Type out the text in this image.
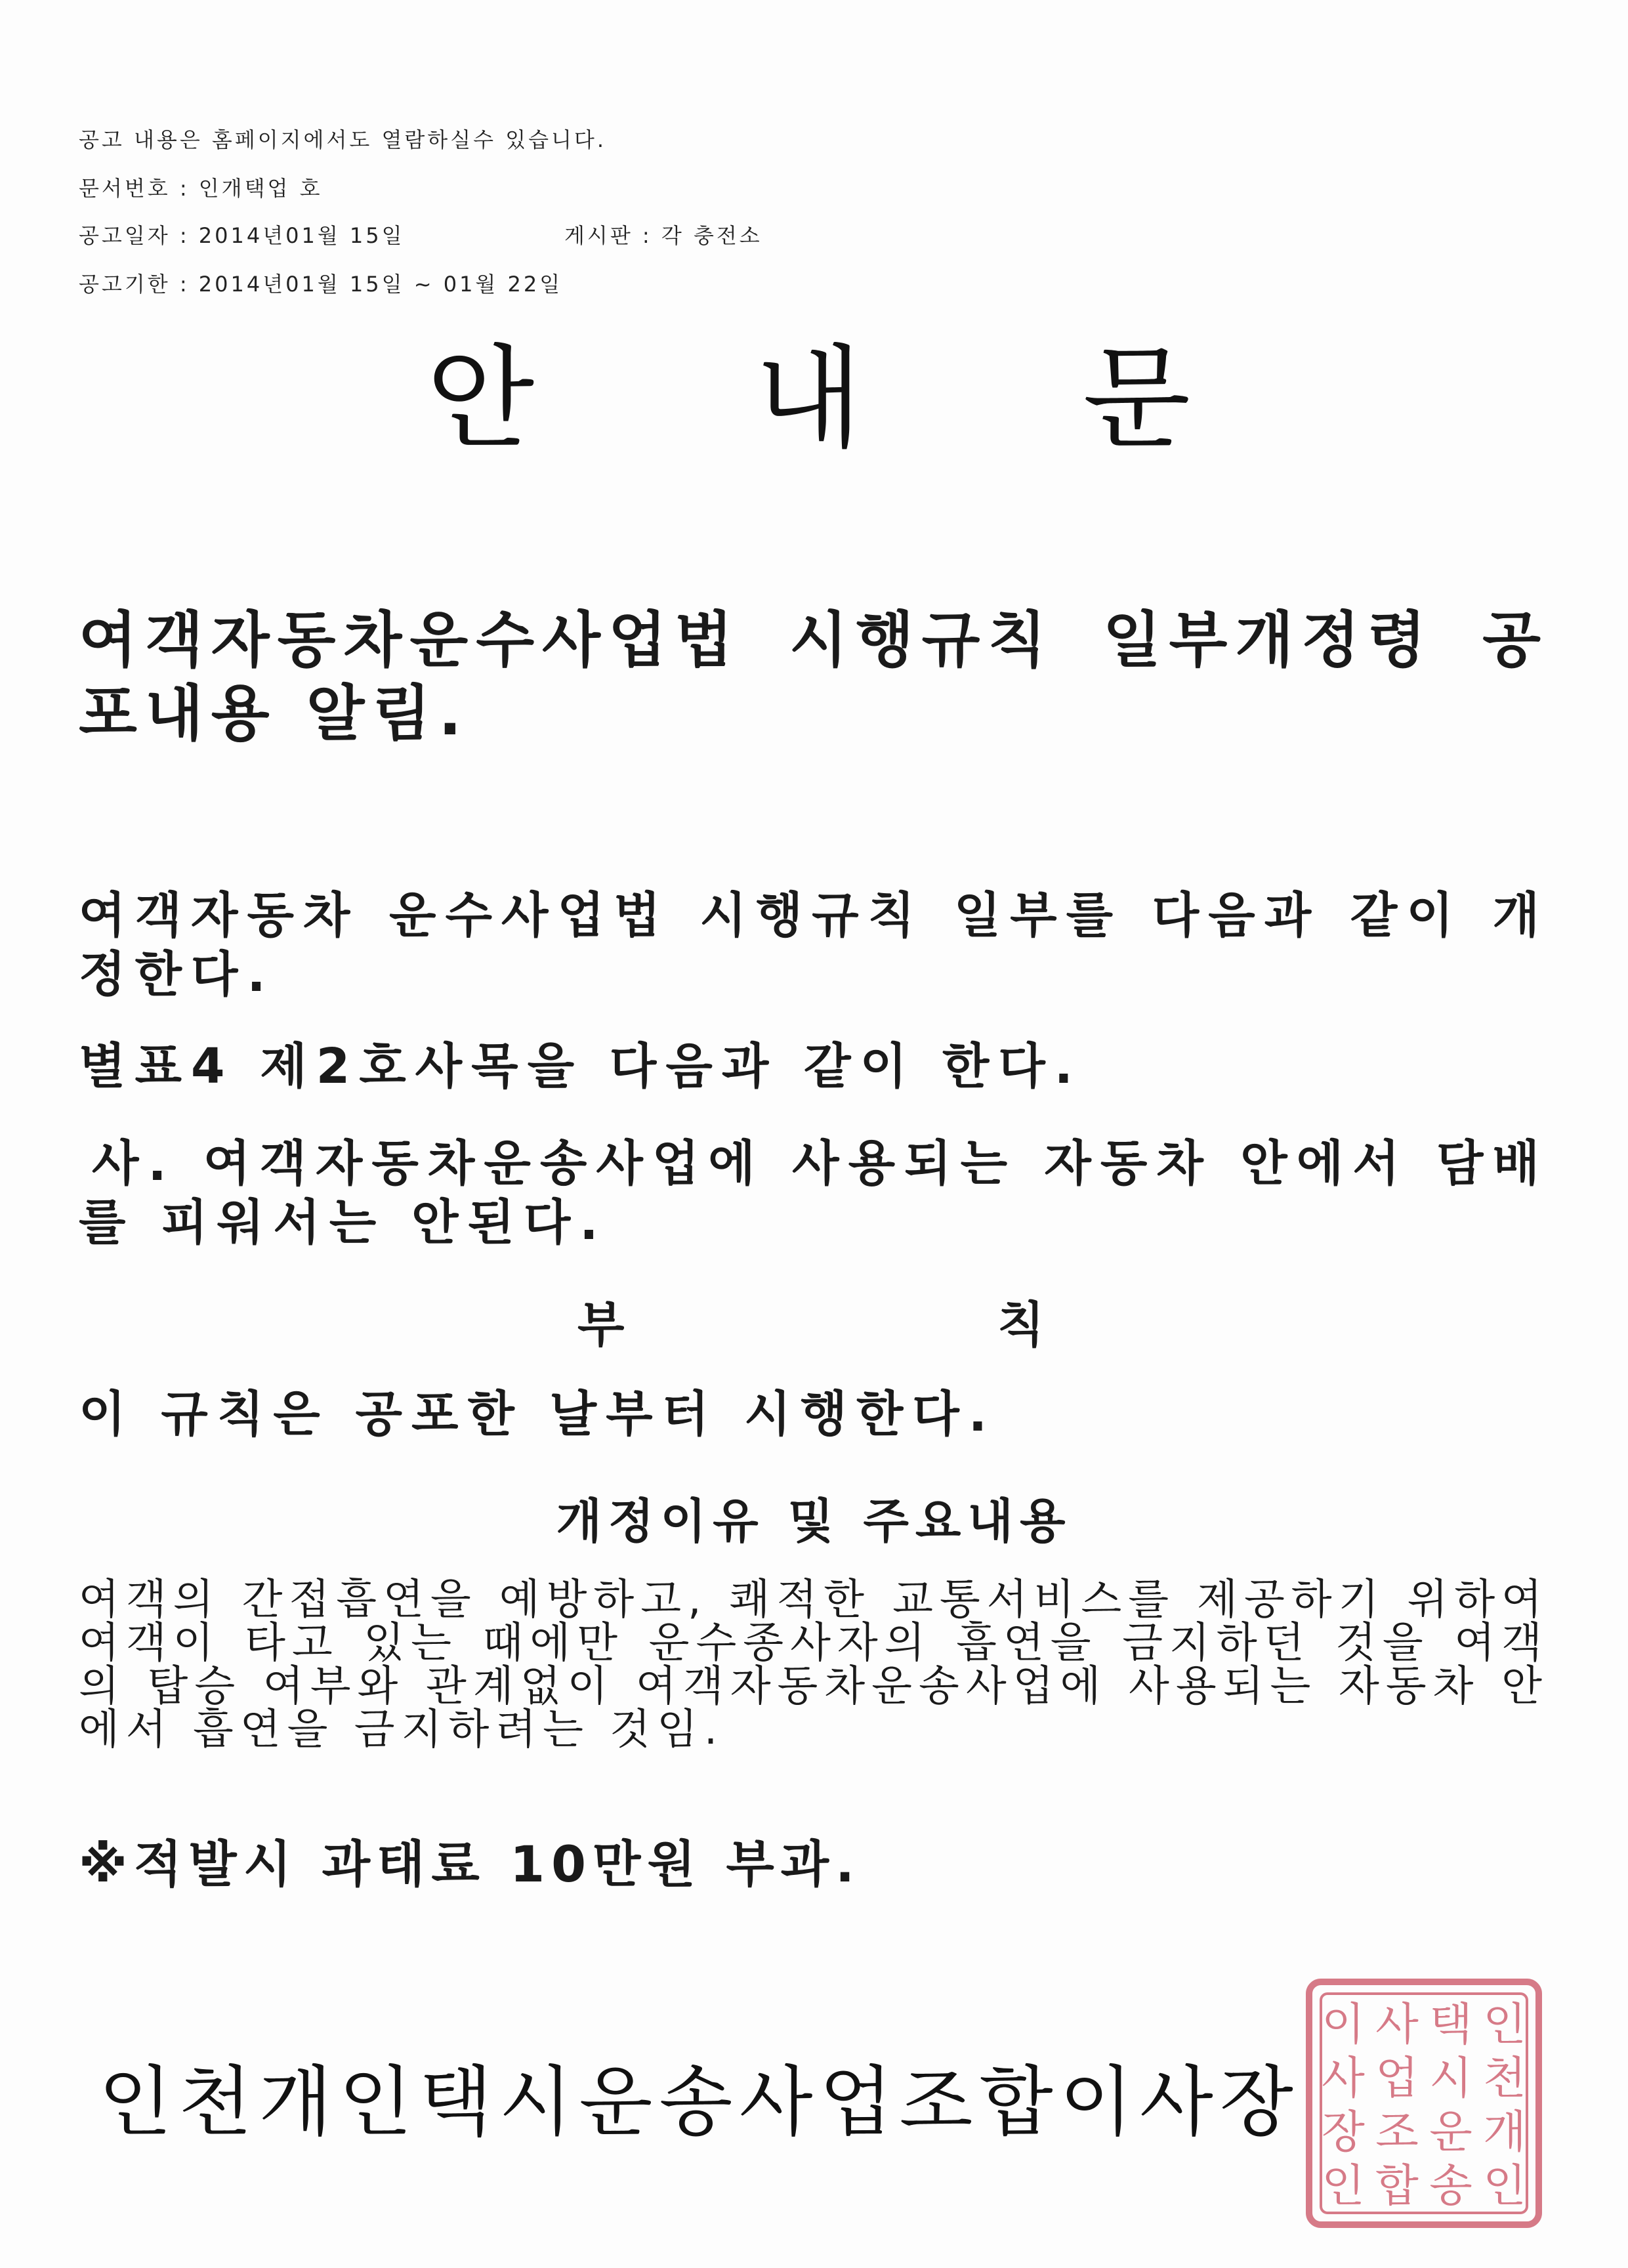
공고 내용은 홈페이지에서도 열람하실수 있습니다.
문서번호 : 인개택업 호
공고일자 : 2014년01월 15일	게시판 : 각 충전소
공고기한 : 2014년01월 15일 ~ 01월 22일
안 내 문
여객자동차운수사업법 시행규칙 일부개정령 공포내용 알림.
여객자동차 운수사업법 시행규칙 일부를 다음과 같이 개정한다.
별표4 제2호사목을 다음과 같이 한다.
사. 여객자동차운송사업에 사용되는 자동차 안에서 담배를 피워서는 안된다.
부	칙
이 규칙은 공포한 날부터 시행한다.
개정이유 및 주요내용
여객의 간접흡연을 예방하고, 쾌적한 교통서비스를 제공하기 위하여 여객이 타고 있는 때에만 운수종사자의 흡연을 금지하던 것을 여객의 탑승 여부와 관계없이 여객자동차운송사업에 사용되는 자동차 안에서 흡연을 금지하려는 것임.
※적발시 과태료 10만원 부과.
인천개인택시운송사업조합이사장
인
천
개
인
택
시
운
송
사
업
조
합
이
사
장
인
